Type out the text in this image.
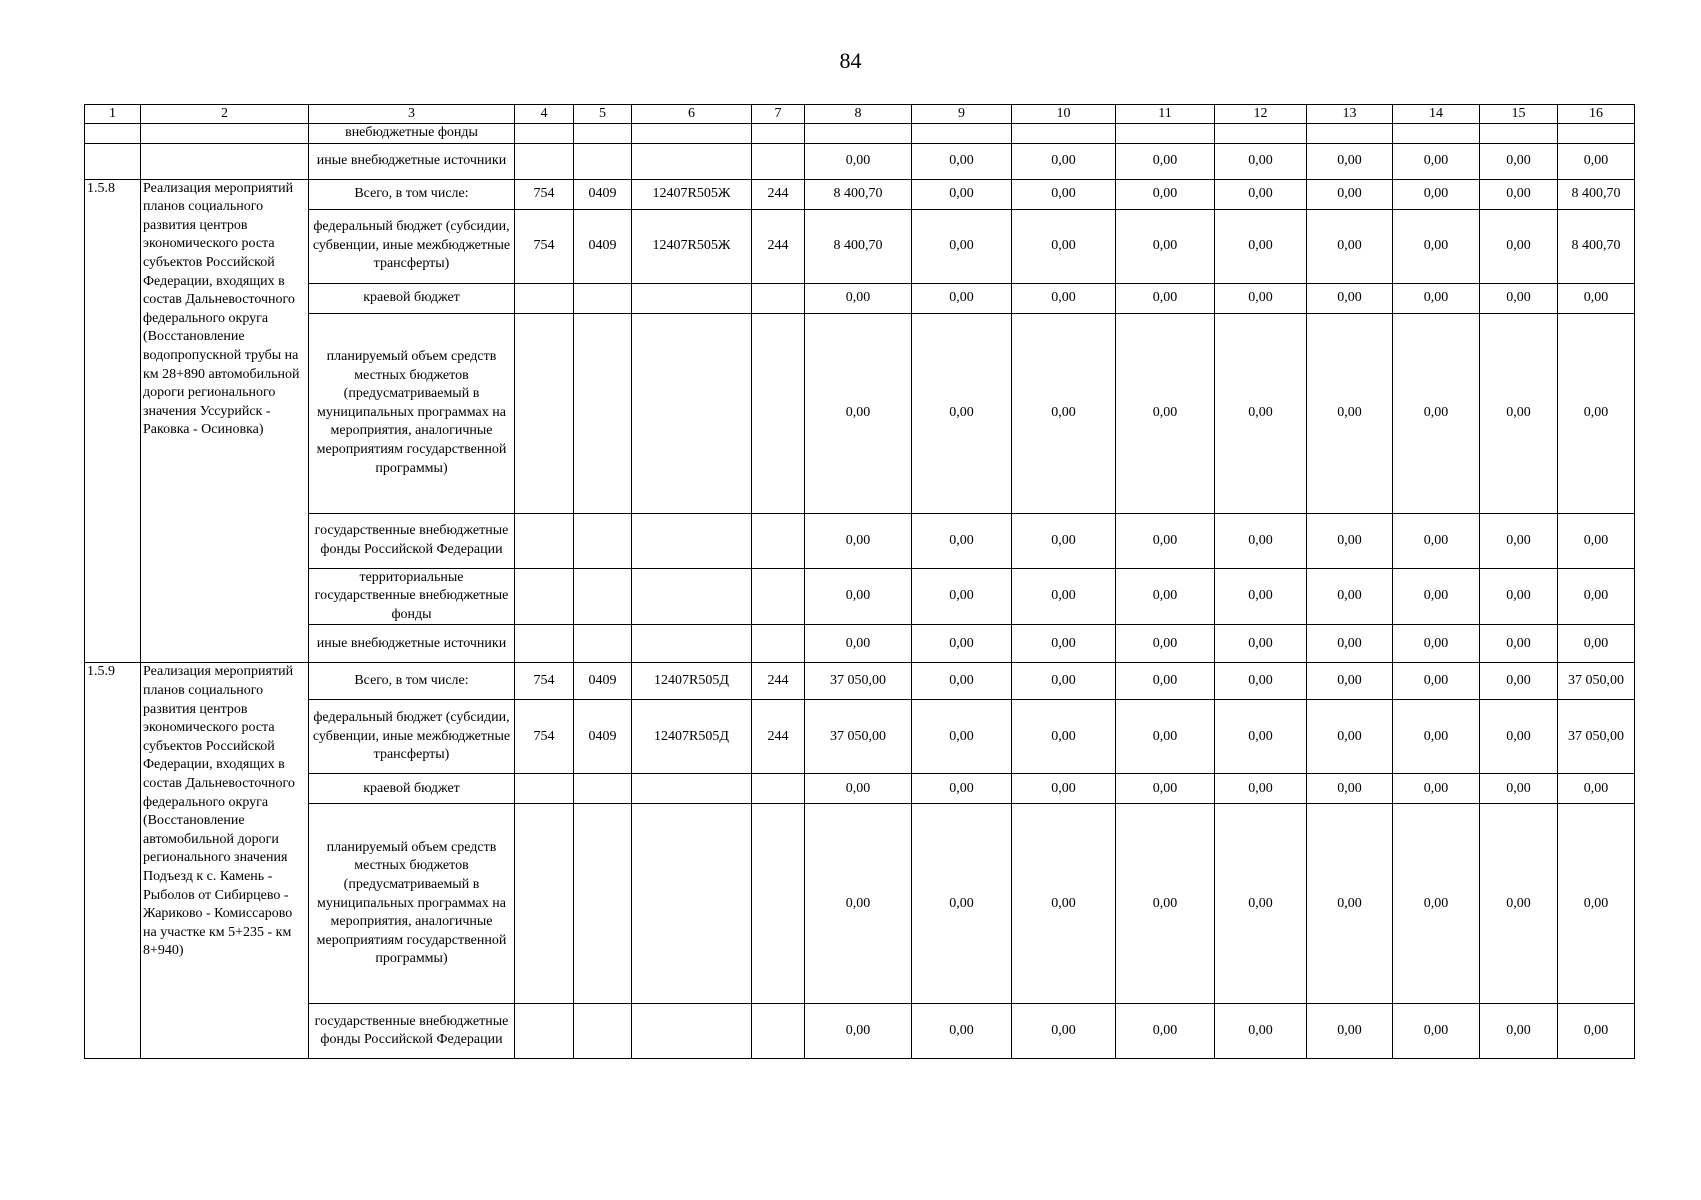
84
1	2	3	4	5	6	7	8	9	10	11	12	13	14	15	16
		внебюджетные фонды													
		иные внебюджетные источники					0,00	0,00	0,00	0,00	0,00	0,00	0,00	0,00	0,00
1.5.8	Реализация мероприятий планов социального развития центров экономического роста субъектов Российской Федерации, входящих в состав Дальневосточного федерального округа (Восстановление водопропускной трубы на км 28+890 автомобильной дороги регионального значения Уссурийск - Раковка - Осиновка)	Всего, в том числе:	754	0409	12407R505Ж	244	8 400,70	0,00	0,00	0,00	0,00	0,00	0,00	0,00	8 400,70
		федеральный бюджет (субсидии, субвенции, иные межбюджетные трансферты)	754	0409	12407R505Ж	244	8 400,70	0,00	0,00	0,00	0,00	0,00	0,00	0,00	8 400,70
		краевой бюджет					0,00	0,00	0,00	0,00	0,00	0,00	0,00	0,00	0,00
		планируемый объем средств местных бюджетов (предусматриваемый в муниципальных программах на мероприятия, аналогичные мероприятиям государственной программы)					0,00	0,00	0,00	0,00	0,00	0,00	0,00	0,00	0,00
		государственные внебюджетные фонды Российской Федерации					0,00	0,00	0,00	0,00	0,00	0,00	0,00	0,00	0,00
		территориальные государственные внебюджетные фонды					0,00	0,00	0,00	0,00	0,00	0,00	0,00	0,00	0,00
		иные внебюджетные источники					0,00	0,00	0,00	0,00	0,00	0,00	0,00	0,00	0,00
1.5.9	Реализация мероприятий планов социального развития центров экономического роста субъектов Российской Федерации, входящих в состав Дальневосточного федерального округа (Восстановление автомобильной дороги регионального значения Подъезд к с. Камень - Рыболов от Сибирцево - Жариково - Комиссарово на участке км 5+235 - км 8+940)	Всего, в том числе:	754	0409	12407R505Д	244	37 050,00	0,00	0,00	0,00	0,00	0,00	0,00	0,00	37 050,00
		федеральный бюджет (субсидии, субвенции, иные межбюджетные трансферты)	754	0409	12407R505Д	244	37 050,00	0,00	0,00	0,00	0,00	0,00	0,00	0,00	37 050,00
		краевой бюджет					0,00	0,00	0,00	0,00	0,00	0,00	0,00	0,00	0,00
		планируемый объем средств местных бюджетов (предусматриваемый в муниципальных программах на мероприятия, аналогичные мероприятиям государственной программы)					0,00	0,00	0,00	0,00	0,00	0,00	0,00	0,00	0,00
		государственные внебюджетные фонды Российской Федерации					0,00	0,00	0,00	0,00	0,00	0,00	0,00	0,00	0,00
